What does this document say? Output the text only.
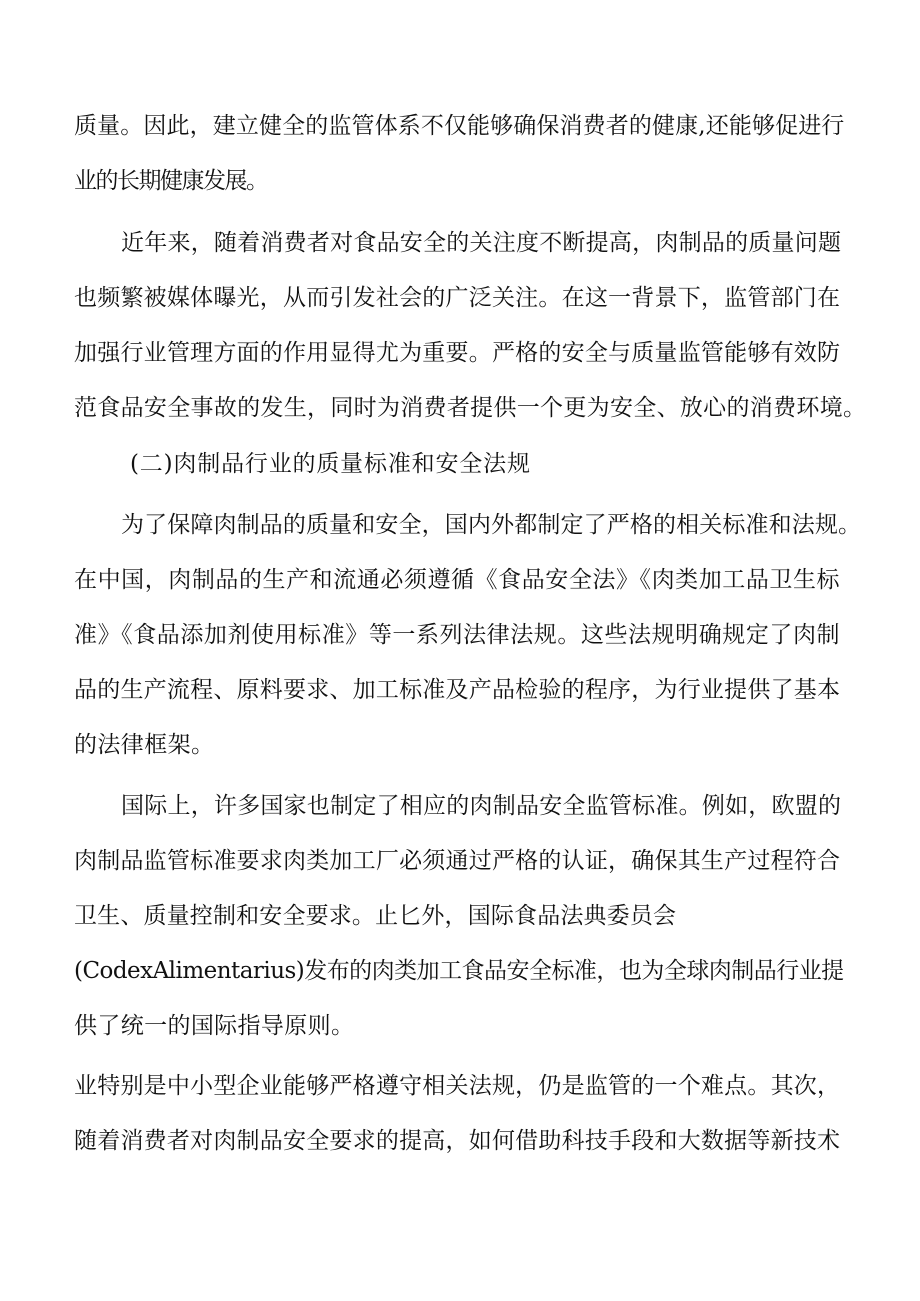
质量。因此，建立健全的监管体系不仅能够确保消费者的健康,还能够促进行
业的长期健康发展。
近年来，随着消费者对食品安全的关注度不断提高，肉制品的质量问题
也频繁被媒体曝光，从而引发社会的广泛关注。在这一背景下，监管部门在
加强行业管理方面的作用显得尤为重要。严格的安全与质量监管能够有效防
范食品安全事故的发生，同时为消费者提供一个更为安全、放心的消费环境。
(二)肉制品行业的质量标准和安全法规
为了保障肉制品的质量和安全，国内外都制定了严格的相关标准和法规。
在中国，肉制品的生产和流通必须遵循《食品安全法》《肉类加工品卫生标
准》《食品添加剂使用标准》等一系列法律法规。这些法规明确规定了肉制
品的生产流程、原料要求、加工标准及产品检验的程序，为行业提供了基本
的法律框架。
国际上，许多国家也制定了相应的肉制品安全监管标准。例如，欧盟的
肉制品监管标准要求肉类加工厂必须通过严格的认证，确保其生产过程符合
卫生、质量控制和安全要求。止匕外，国际食品法典委员会
(CodexAlimentarius)发布的肉类加工食品安全标准，也为全球肉制品行业提
供了统一的国际指导原则。
业特别是中小型企业能够严格遵守相关法规，仍是监管的一个难点。其次，
随着消费者对肉制品安全要求的提高，如何借助科技手段和大数据等新技术
